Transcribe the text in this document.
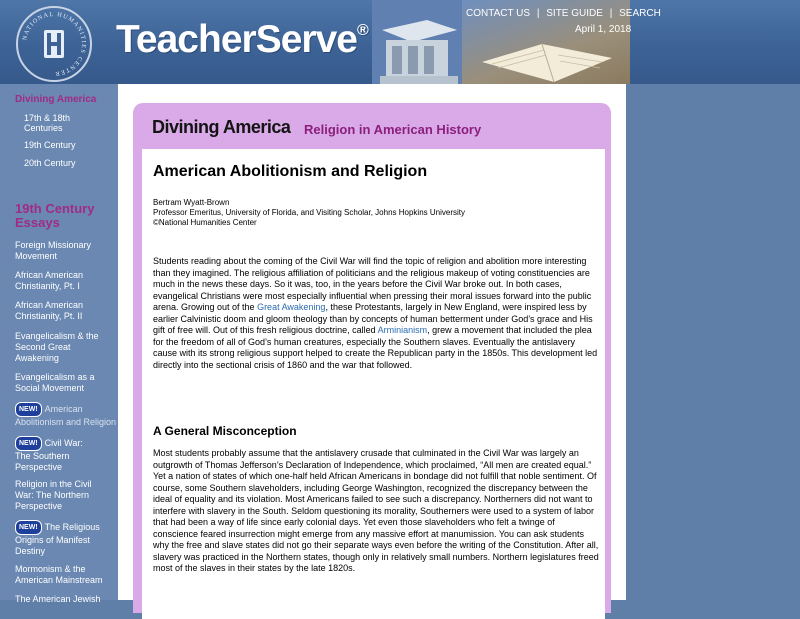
NATIONAL HUMANITIES CENTER
TeacherServe®
CONTACT US | SITE GUIDE | SEARCH
April 1, 2018
Divining America
17th & 18th Centuries
19th Century
20th Century
19th Century Essays
Foreign Missionary Movement
African American Christianity, Pt. I
African American Christianity, Pt. II
Evangelicalism & the Second Great Awakening
Evangelicalism as a Social Movement
NEW! American Abolitionism and Religion
NEW! Civil War: The Southern Perspective
Religion in the Civil War: The Northern Perspective
NEW! The Religious Origins of Manifest Destiny
Mormonism & the American Mainstream
The American Jewish
Divining America Religion in American History
American Abolitionism and Religion
Bertram Wyatt-Brown
Professor Emeritus, University of Florida, and Visiting Scholar, Johns Hopkins University
©National Humanities Center
Students reading about the coming of the Civil War will find the topic of religion and abolition more interesting than they imagined. The religious affiliation of politicians and the religious makeup of voting constituencies are much in the news these days. So it was, too, in the years before the Civil War broke out. In both cases, evangelical Christians were most especially influential when pressing their moral issues forward into the public arena. Growing out of the Great Awakening, these Protestants, largely in New England, were inspired less by earlier Calvinistic doom and gloom theology than by concepts of human betterment under God’s grace and His gift of free will. Out of this fresh religious doctrine, called Arminianism, grew a movement that included the plea for the freedom of all of God’s human creatures, especially the Southern slaves. Eventually the antislavery cause with its strong religious support helped to create the Republican party in the 1850s. This development led directly into the sectional crisis of 1860 and the war that followed.
A General Misconception
Most students probably assume that the antislavery crusade that culminated in the Civil War was largely an outgrowth of Thomas Jefferson’s Declaration of Independence, which proclaimed, “All men are created equal.” Yet a nation of states of which one-half held African Americans in bondage did not fulfill that noble sentiment. Of course, some Southern slaveholders, including George Washington, recognized the discrepancy between the ideal of equality and its violation. Most Americans failed to see such a discrepancy. Northerners did not want to interfere with slavery in the South. Seldom questioning its morality, Southerners were used to a system of labor that had been a way of life since early colonial days. Yet even those slaveholders who felt a twinge of conscience feared insurrection might emerge from any massive effort at manumission. You can ask students why the free and slave states did not go their separate ways even before the writing of the Constitution. After all, slavery was practiced in the Northern states, though only in relatively small numbers. Northern legislatures freed most of the slaves in their states by the late 1820s.
